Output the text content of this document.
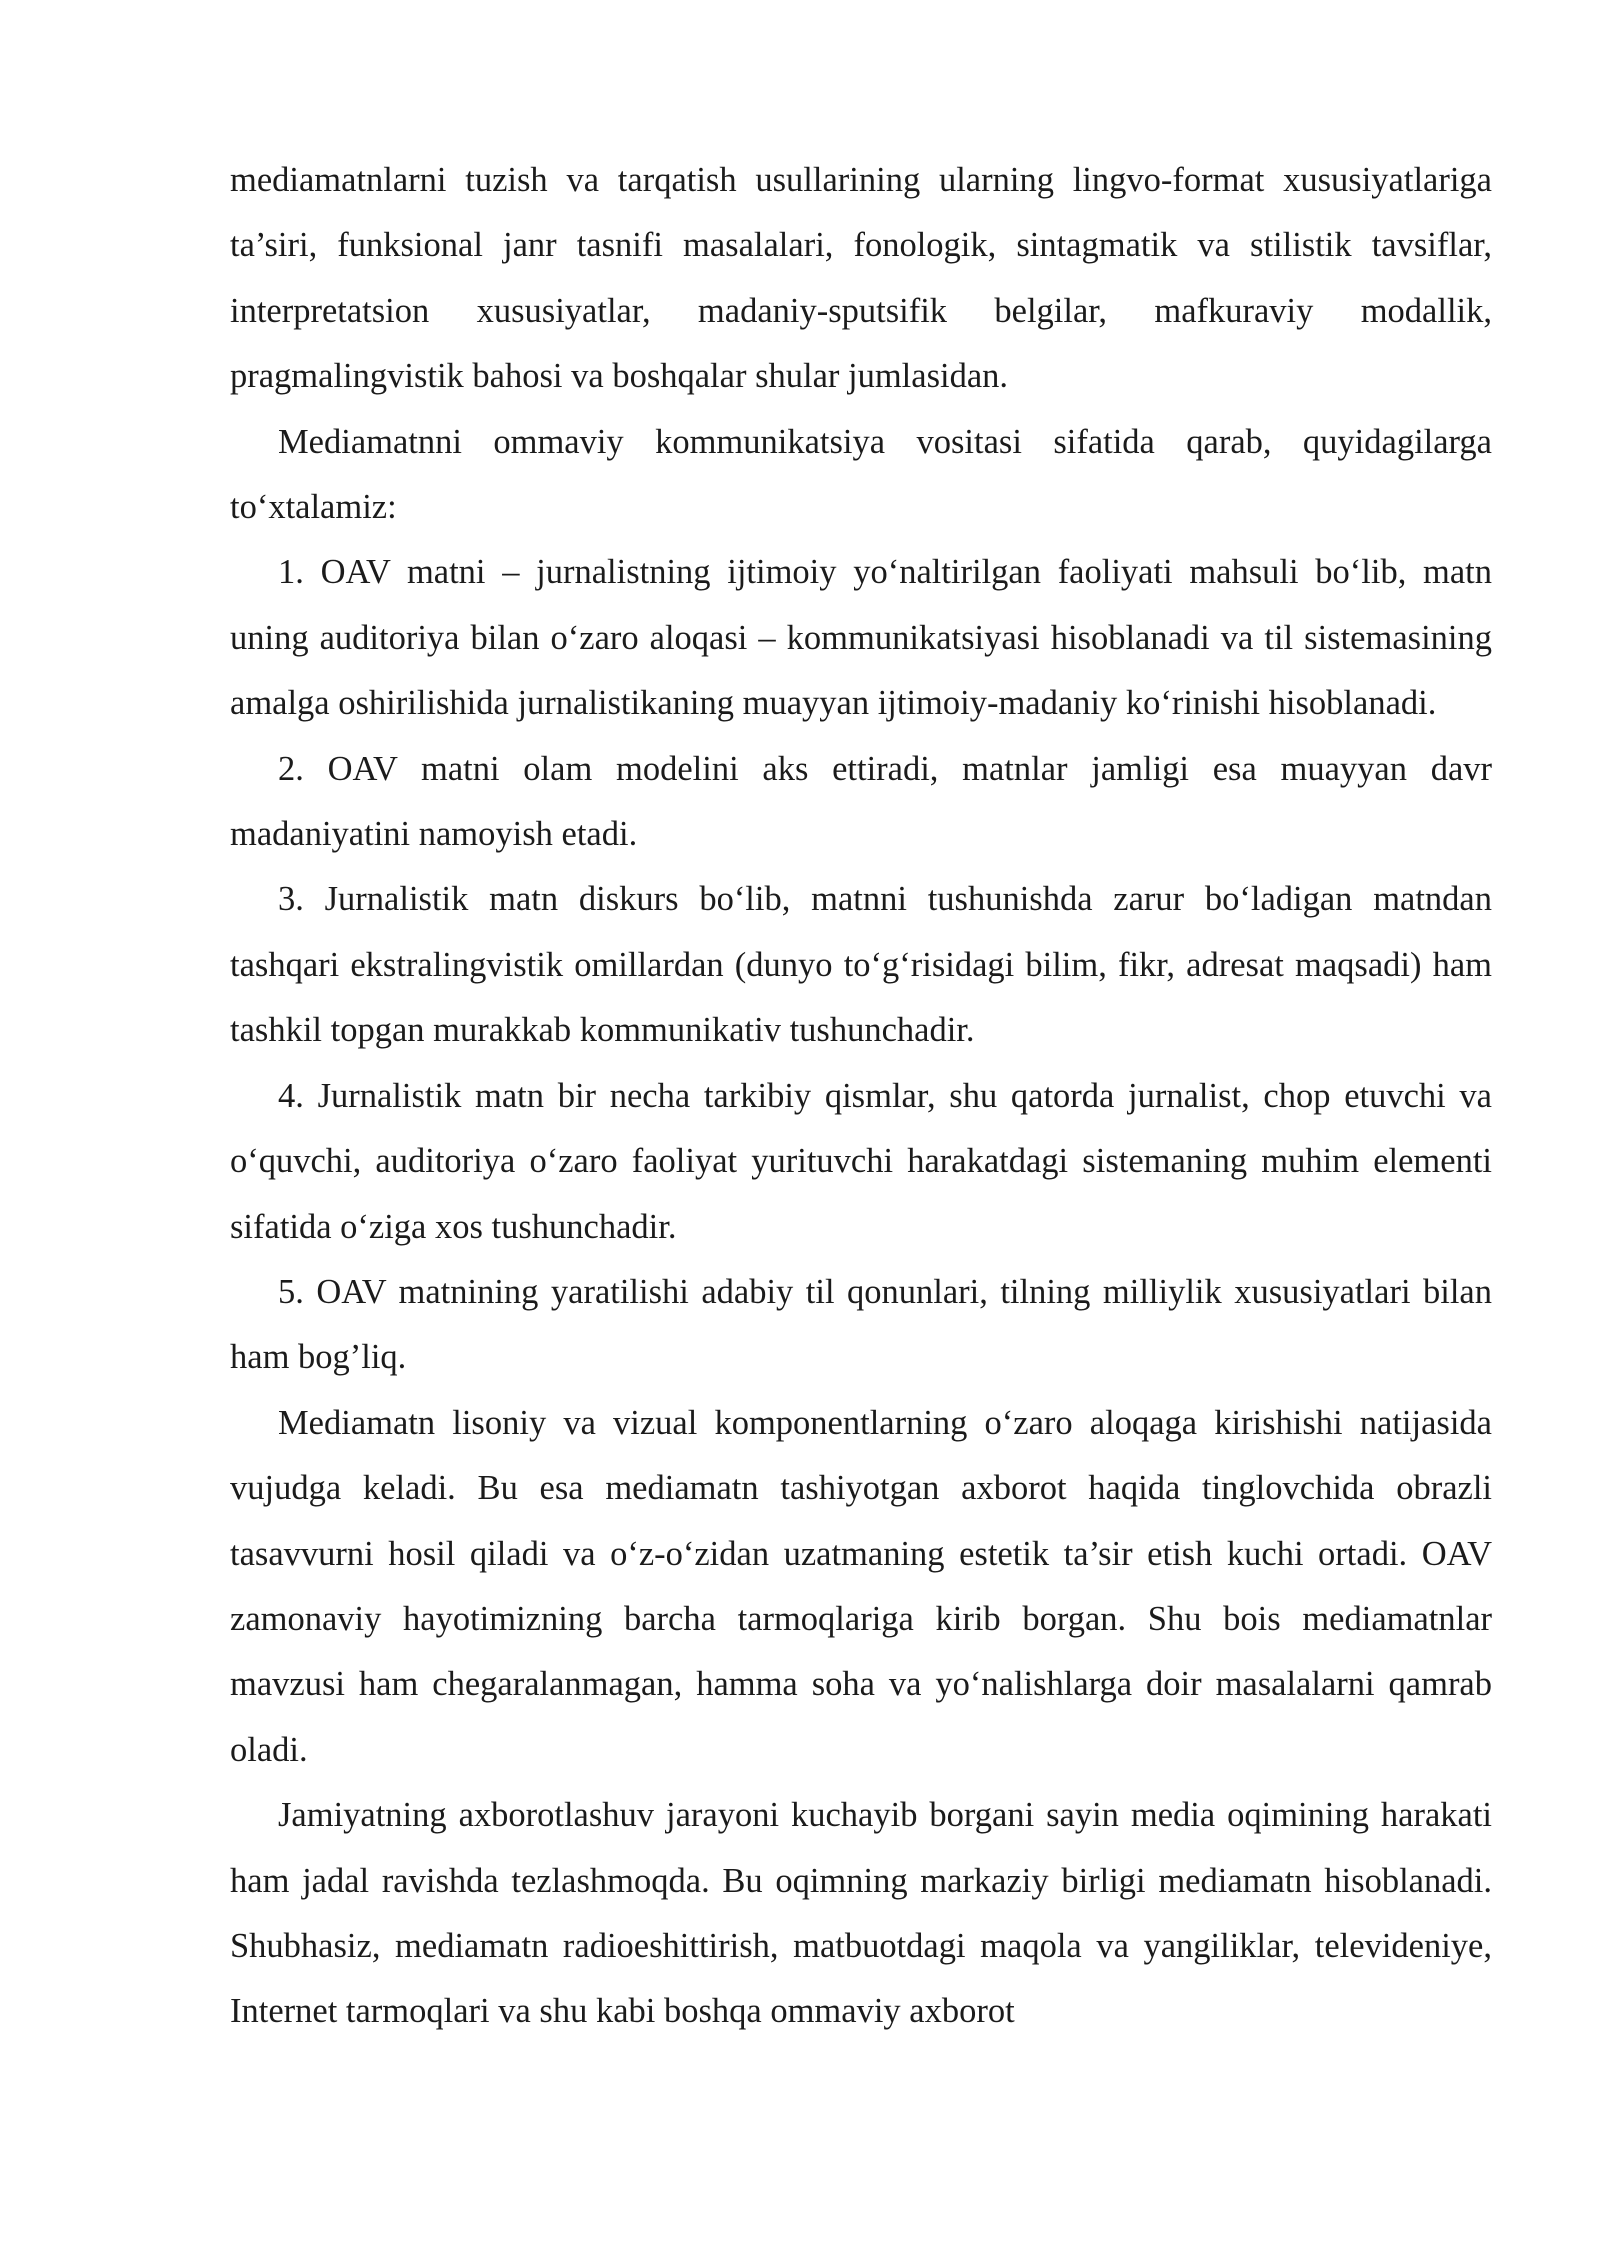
mediamatnlarni tuzish va tarqatish usullarining ularning lingvo-format xususiyatlariga ta’siri, funksional janr tasnifi masalalari, fonologik, sintagmatik va stilistik tavsiflar, interpretatsion xususiyatlar, madaniy-sputsifik belgilar, mafkuraviy modallik, pragmalingvistik bahosi va boshqalar shular jumlasidan.

Mediamatnni ommaviy kommunikatsiya vositasi sifatida qarab, quyidagilarga to‘xtalamiz:

1. OAV matni – jurnalistning ijtimoiy yo‘naltirilgan faoliyati mahsuli bo‘lib, matn uning auditoriya bilan o‘zaro aloqasi – kommunikatsiyasi hisoblanadi va til sistemasining amalga oshirilishida jurnalistikaning muayyan ijtimoiy-madaniy ko‘rinishi hisoblanadi.

2. OAV matni olam modelini aks ettiradi, matnlar jamligi esa muayyan davr madaniyatini namoyish etadi.

3. Jurnalistik matn diskurs bo‘lib, matnni tushunishda zarur bo‘ladigan matndan tashqari ekstralingvistik omillardan (dunyo to‘g‘risidagi bilim, fikr, adresat maqsadi) ham tashkil topgan murakkab kommunikativ tushunchadir.

4. Jurnalistik matn bir necha tarkibiy qismlar, shu qatorda jurnalist, chop etuvchi va o‘quvchi, auditoriya o‘zaro faoliyat yurituvchi harakatdagi sistemaning muhim elementi sifatida o‘ziga xos tushunchadir.

5. OAV matnining yaratilishi adabiy til qonunlari, tilning milliylik xususiyatlari bilan ham bog’liq.

Mediamatn lisoniy va vizual komponentlarning o‘zaro aloqaga kirishishi natijasida vujudga keladi. Bu esa mediamatn tashiyotgan axborot haqida tinglovchida obrazli tasavvurni hosil qiladi va o‘z-o‘zidan uzatmaning estetik ta’sir etish kuchi ortadi. OAV zamonaviy hayotimizning barcha tarmoqlariga kirib borgan. Shu bois mediamatnlar mavzusi ham chegaralanmagan, hamma soha va yo‘nalishlarga doir masalalarni qamrab oladi.

Jamiyatning axborotlashuv jarayoni kuchayib borgani sayin media oqimining harakati ham jadal ravishda tezlashmoqda. Bu oqimning markaziy birligi mediamatn hisoblanadi. Shubhasiz, mediamatn radioeshittirish, matbuotdagi maqola va yangiliklar, televideniye, Internet tarmoqlari va shu kabi boshqa ommaviy axborot
